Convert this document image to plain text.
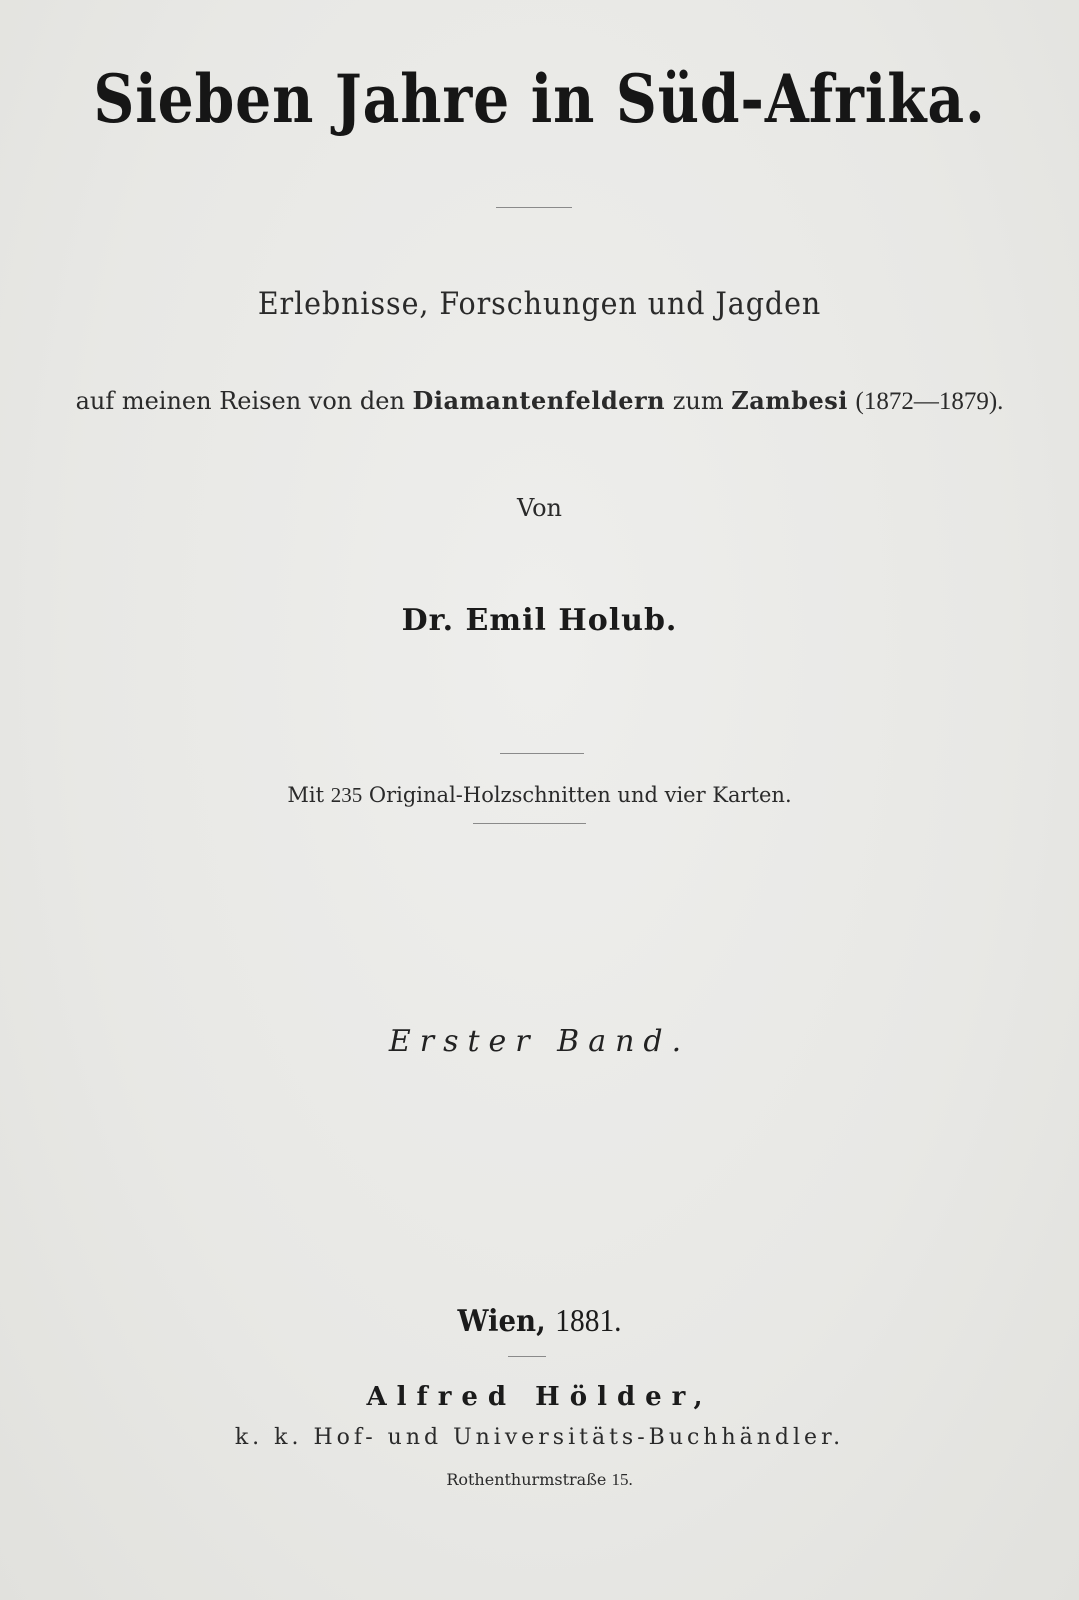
Sieben Jahre in Süd-Afrika.
Erlebnisse, Forschungen und Jagden
auf meinen Reisen von den Diamantenfeldern zum Zambesi (1872—1879).
Von
Dr. Emil Holub.
Mit 235 Original-Holzschnitten und vier Karten.
Erster Band.
Wien, 1881.
Alfred Hölder,
k. k. Hof- und Universitäts-Buchhändler.
Rothenthurmstraße 15.
